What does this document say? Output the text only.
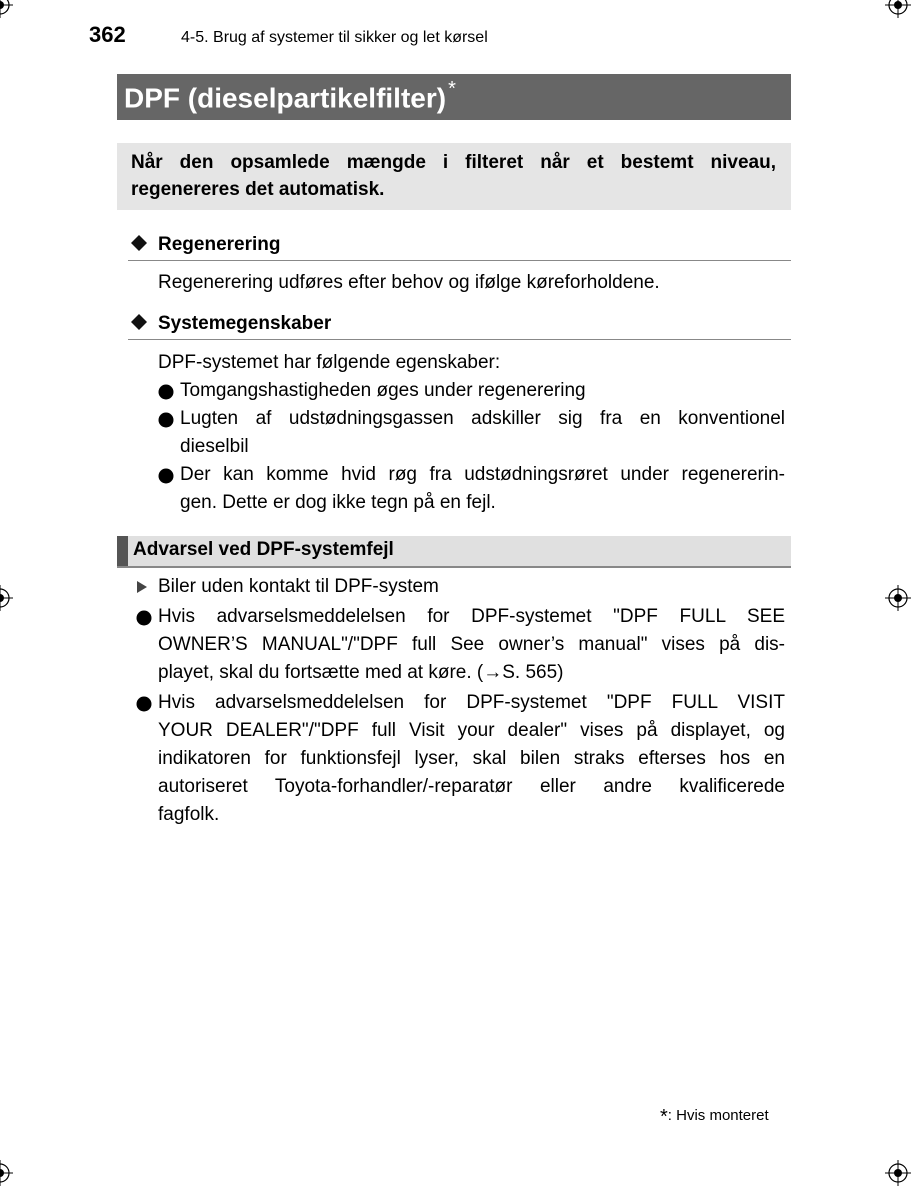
362	4-5. Brug af systemer til sikker og let kørsel
DPF (dieselpartikelfilter) *
Når den opsamlede mængde i filteret når et bestemt niveau, regenereres det automatisk.
Regenerering
Regenerering udføres efter behov og ifølge køreforholdene.
Systemegenskaber
DPF-systemet har følgende egenskaber:
Tomgangshastigheden øges under regenerering
Lugten af udstødningsgassen adskiller sig fra en konventionel
dieselbil
Der kan komme hvid røg fra udstødningsrøret under regenererin-
gen. Dette er dog ikke tegn på en fejl.
Advarsel ved DPF-systemfejl
Biler uden kontakt til DPF-system
Hvis advarselsmeddelelsen for DPF-systemet "DPF FULL SEE
OWNER’S MANUAL"/"DPF full See owner’s manual" vises på dis-
playet, skal du fortsætte med at køre. (→S. 565)
Hvis advarselsmeddelelsen for DPF-systemet "DPF FULL VISIT
YOUR DEALER"/"DPF full Visit your dealer" vises på displayet, og
indikatoren for funktionsfejl lyser, skal bilen straks efterses hos en
autoriseret Toyota-forhandler/-reparatør eller andre kvalificerede
fagfolk.
*: Hvis monteret
